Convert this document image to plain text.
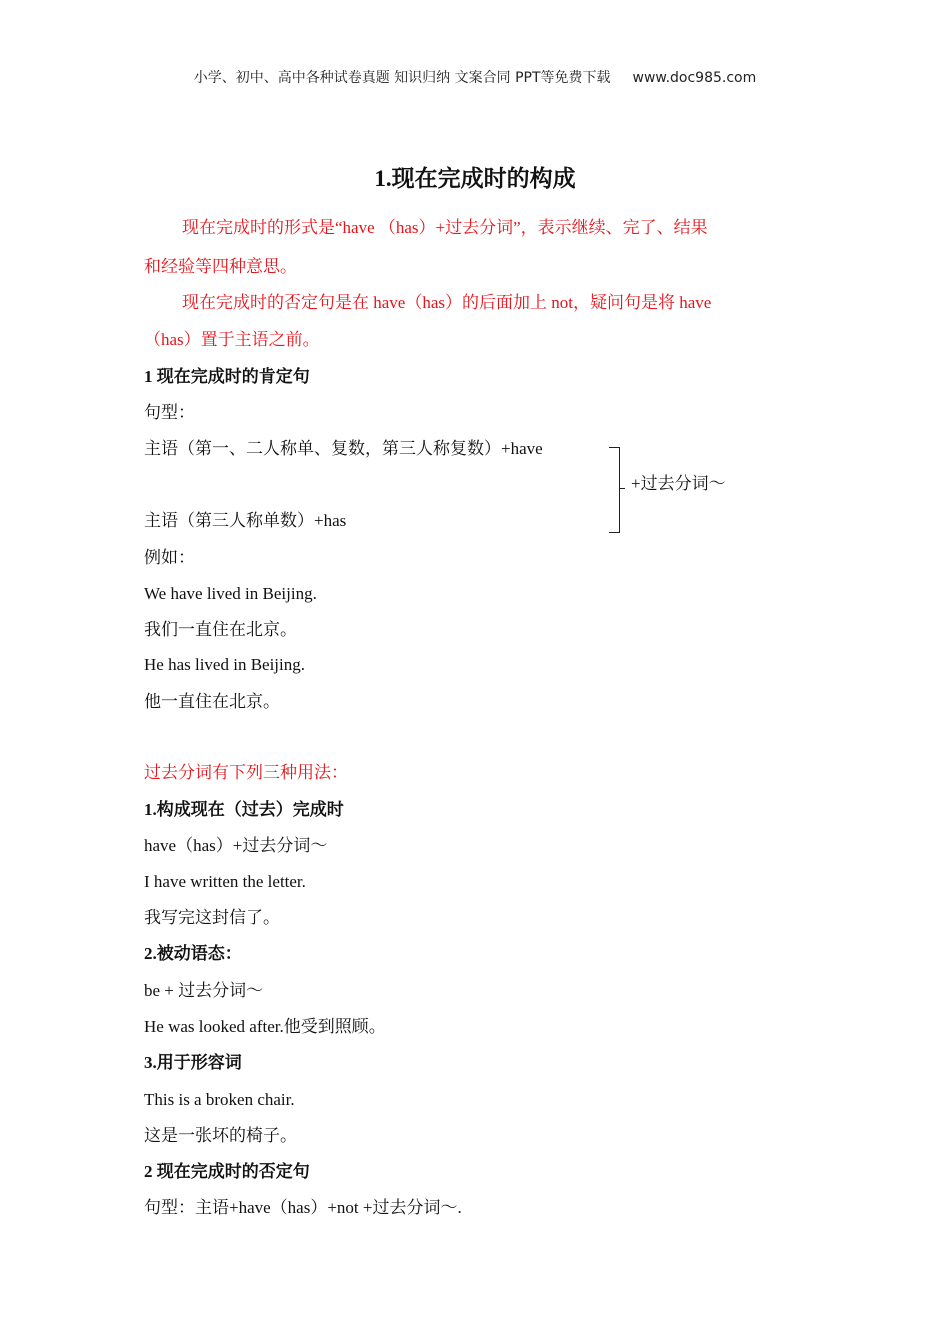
小学、初中、高中各种试卷真题 知识归纳 文案合同 PPT等免费下载 www.doc985.com
1.现在完成时的构成
现在完成时的形式是“have （has）+过去分词”，表示继续、完了、结果
和经验等四种意思。
现在完成时的否定句是在 have（has）的后面加上 not，疑问句是将 have
（has）置于主语之前。
1 现在完成时的肯定句
句型：
主语（第一、二人称单、复数，第三人称复数）+have
+过去分词～
主语（第三人称单数）+has
例如：
We have lived in Beijing.
我们一直住在北京。
He has lived in Beijing.
他一直住在北京。
过去分词有下列三种用法：
1.构成现在（过去）完成时
have（has）+过去分词～
I have written the letter.
我写完这封信了。
2.被动语态：
be + 过去分词～
He was looked after.他受到照顾。
3.用于形容词
This is a broken chair.
这是一张坏的椅子。
2 现在完成时的否定句
句型：主语+have（has）+not +过去分词～.
